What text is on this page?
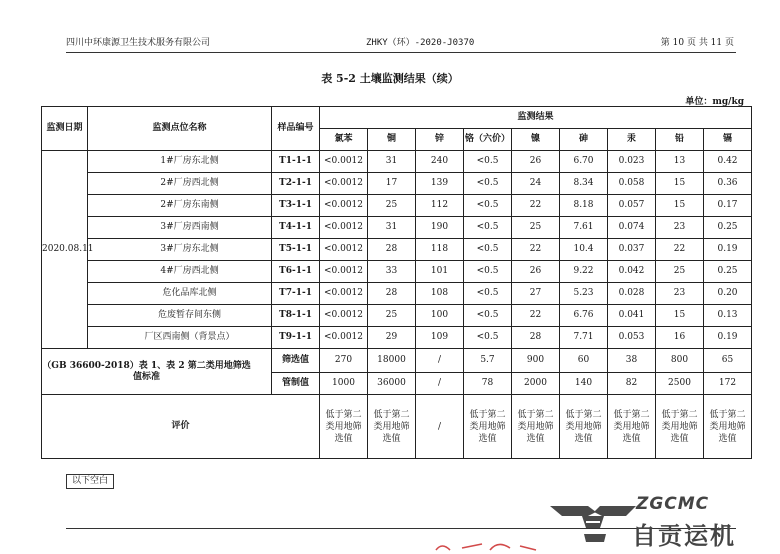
四川中环康源卫生技术服务有限公司	ZHKY（环）-2020-J0370	第 10 页 共 11 页
表 5-2 土壤监测结果（续）
单位：mg/kg
监测日期	监测点位名称	样品编号	监测结果								
			氯苯	铜	锌	铬（六价）	镍	砷	汞	铅	镉
2020.08.11	1#厂房东北侧	T1-1-1	<0.0012	31	240	<0.5	26	6.70	0.023	13	0.42
	2#厂房西北侧	T2-1-1	<0.0012	17	139	<0.5	24	8.34	0.058	15	0.36
	2#厂房东南侧	T3-1-1	<0.0012	25	112	<0.5	22	8.18	0.057	15	0.17
	3#厂房西南侧	T4-1-1	<0.0012	31	190	<0.5	25	7.61	0.074	23	0.25
	3#厂房东北侧	T5-1-1	<0.0012	28	118	<0.5	22	10.4	0.037	22	0.19
	4#厂房西北侧	T6-1-1	<0.0012	33	101	<0.5	26	9.22	0.042	25	0.25
	危化品库北侧	T7-1-1	<0.0012	28	108	<0.5	27	5.23	0.028	23	0.20
	危废暂存间东侧	T8-1-1	<0.0012	25	100	<0.5	22	6.76	0.041	15	0.13
	厂区西南侧（背景点）	T9-1-1	<0.0012	29	109	<0.5	28	7.71	0.053	16	0.19
（GB 36600-2018）表 1、表 2 第二类用地筛选值标准		筛选值	270	18000	/	5.7	900	60	38	800	65
		管制值	1000	36000	/	78	2000	140	82	2500	172
评价			低于第二类用地筛选值	低于第二类用地筛选值	/	低于第二类用地筛选值	低于第二类用地筛选值	低于第二类用地筛选值	低于第二类用地筛选值	低于第二类用地筛选值	低于第二类用地筛选值
以下空白
ZGCMC
自贡运机
